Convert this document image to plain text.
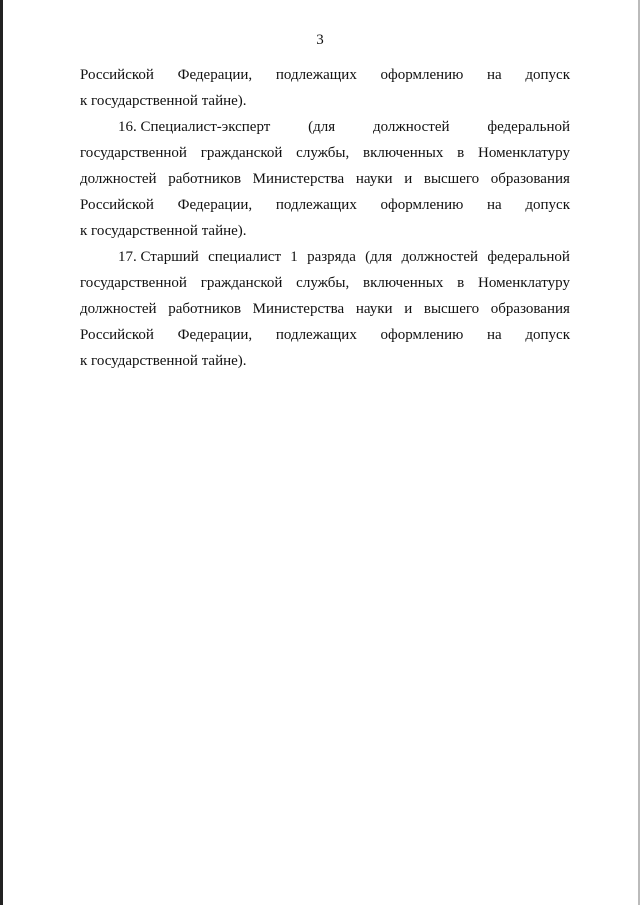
3
Российской Федерации, подлежащих оформлению на допуск
к государственной тайне).
16. Специалист-эксперт	(для	должностей	федеральной
государственной гражданской службы, включенных в Номенклатуру
должностей работников Министерства науки и высшего образования
Российской Федерации, подлежащих оформлению на допуск
к государственной тайне).
17. Старший специалист 1 разряда (для должностей федеральной
государственной гражданской службы, включенных в Номенклатуру
должностей работников Министерства науки и высшего образования
Российской Федерации, подлежащих оформлению на допуск
к государственной тайне).
